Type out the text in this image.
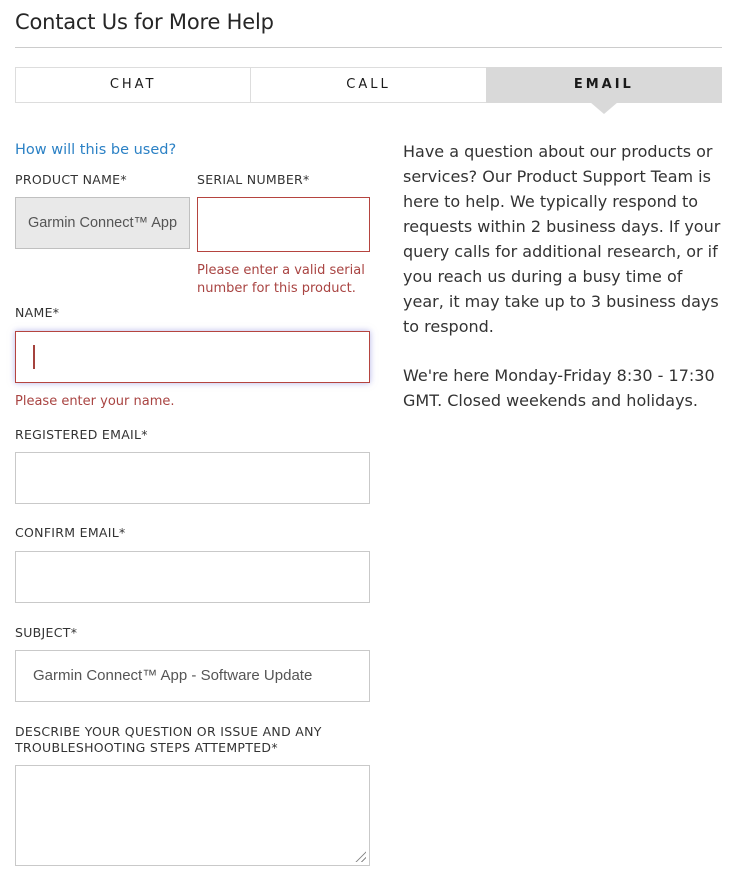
Contact Us for More Help
CHAT	CALL	EMAIL
How will this be used?
PRODUCT NAME*	SERIAL NUMBER*
Garmin Connect™ App
Please enter a valid serial number for this product.
NAME*
Please enter your name.
REGISTERED EMAIL*
CONFIRM EMAIL*
SUBJECT*
Garmin Connect™ App - Software Update
DESCRIBE YOUR QUESTION OR ISSUE AND ANY TROUBLESHOOTING STEPS ATTEMPTED*

Have a question about our products or services? Our Product Support Team is here to help. We typically respond to requests within 2 business days. If your query calls for additional research, or if you reach us during a busy time of year, it may take up to 3 business days to respond.

We're here Monday-Friday 8:30 - 17:30 GMT. Closed weekends and holidays.
